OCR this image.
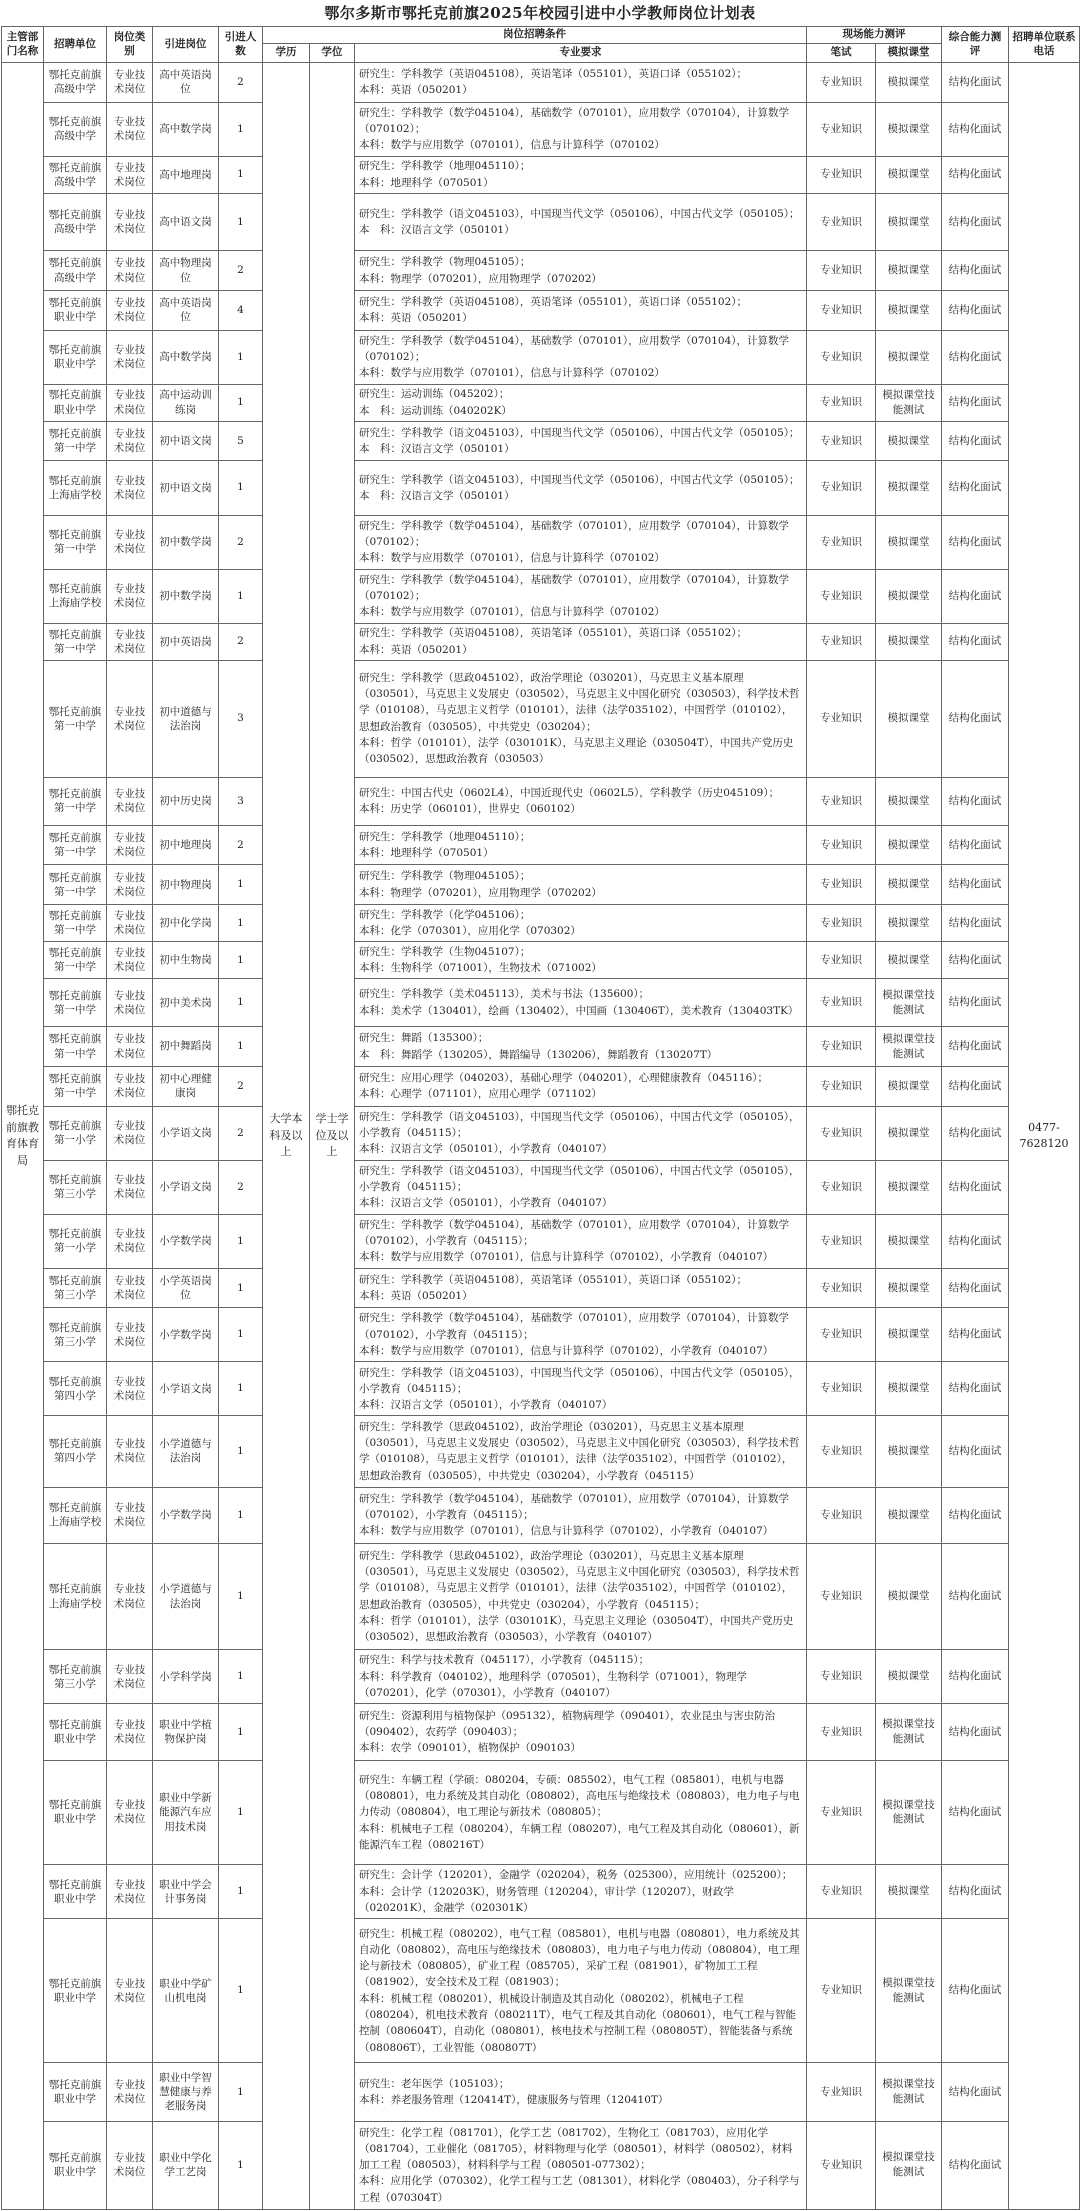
鄂尔多斯市鄂托克前旗2025年校园引进中小学教师岗位计划表
主管部门名称	招聘单位	岗位类别	引进岗位	引进人数	岗位招聘条件			现场能力测评		综合能力测评	招聘单位联系电话
					学历	学位	专业要求	笔试	模拟课堂		
鄂托克前旗教育体育局	鄂托克前旗高级中学	专业技术岗位	高中英语岗位	2	大学本科及以上	学士学位及以上	研究生：学科教学（英语045108），英语笔译（055101），英语口译（055102）；
本科：英语（050201）	专业知识	模拟课堂	结构化面试	0477-7628120
	鄂托克前旗高级中学	专业技术岗位	高中数学岗	1			研究生：学科教学（数学045104），基础数学（070101），应用数学（070104），计算数学（070102）；
本科：数学与应用数学（070101），信息与计算科学（070102）	专业知识	模拟课堂	结构化面试	
	鄂托克前旗高级中学	专业技术岗位	高中地理岗	1			研究生：学科教学（地理045110）；
本科：地理科学（070501）	专业知识	模拟课堂	结构化面试	
	鄂托克前旗高级中学	专业技术岗位	高中语文岗	1			研究生：学科教学（语文045103），中国现当代文学（050106），中国古代文学（050105）；
本　科：汉语言文学（050101）	专业知识	模拟课堂	结构化面试	
	鄂托克前旗高级中学	专业技术岗位	高中物理岗位	2			研究生：学科教学（物理045105）；
本科：物理学（070201），应用物理学（070202）	专业知识	模拟课堂	结构化面试	
	鄂托克前旗职业中学	专业技术岗位	高中英语岗位	4			研究生：学科教学（英语045108），英语笔译（055101），英语口译（055102）；
本科：英语（050201）	专业知识	模拟课堂	结构化面试	
	鄂托克前旗职业中学	专业技术岗位	高中数学岗	1			研究生：学科教学（数学045104），基础数学（070101），应用数学（070104），计算数学（070102）；
本科：数学与应用数学（070101），信息与计算科学（070102）	专业知识	模拟课堂	结构化面试	
	鄂托克前旗职业中学	专业技术岗位	高中运动训练岗	1			研究生：运动训练（045202）；
本　科：运动训练（040202K）	专业知识	模拟课堂技能测试	结构化面试	
	鄂托克前旗第一中学	专业技术岗位	初中语文岗	5			研究生：学科教学（语文045103），中国现当代文学（050106），中国古代文学（050105）；
本　科：汉语言文学（050101）	专业知识	模拟课堂	结构化面试	
	鄂托克前旗上海庙学校	专业技术岗位	初中语文岗	1			研究生：学科教学（语文045103），中国现当代文学（050106），中国古代文学（050105）；
本　科：汉语言文学（050101）	专业知识	模拟课堂	结构化面试	
	鄂托克前旗第一中学	专业技术岗位	初中数学岗	2			研究生：学科教学（数学045104），基础数学（070101），应用数学（070104），计算数学（070102）；
本科：数学与应用数学（070101），信息与计算科学（070102）	专业知识	模拟课堂	结构化面试	
	鄂托克前旗上海庙学校	专业技术岗位	初中数学岗	1			研究生：学科教学（数学045104），基础数学（070101），应用数学（070104），计算数学（070102）；
本科：数学与应用数学（070101），信息与计算科学（070102）	专业知识	模拟课堂	结构化面试	
	鄂托克前旗第一中学	专业技术岗位	初中英语岗	2			研究生：学科教学（英语045108），英语笔译（055101），英语口译（055102）；
本科：英语（050201）	专业知识	模拟课堂	结构化面试	
	鄂托克前旗第一中学	专业技术岗位	初中道德与法治岗	3			研究生：学科教学（思政045102），政治学理论（030201），马克思主义基本原理（030501），马克思主义发展史（030502），马克思主义中国化研究（030503），科学技术哲学（010108），马克思主义哲学（010101），法律（法学035102），中国哲学（010102），思想政治教育（030505），中共党史（030204）；
本科：哲学（010101），法学（030101K），马克思主义理论（030504T），中国共产党历史（030502），思想政治教育（030503）	专业知识	模拟课堂	结构化面试	
	鄂托克前旗第一中学	专业技术岗位	初中历史岗	3			研究生：中国古代史（0602L4），中国近现代史（0602L5），学科教学（历史045109）；
本科：历史学（060101），世界史（060102）	专业知识	模拟课堂	结构化面试	
	鄂托克前旗第一中学	专业技术岗位	初中地理岗	2			研究生：学科教学（地理045110）；
本科：地理科学（070501）	专业知识	模拟课堂	结构化面试	
	鄂托克前旗第一中学	专业技术岗位	初中物理岗	1			研究生：学科教学（物理045105）；
本科：物理学（070201），应用物理学（070202）	专业知识	模拟课堂	结构化面试	
	鄂托克前旗第一中学	专业技术岗位	初中化学岗	1			研究生：学科教学（化学045106）；
本科：化学（070301），应用化学（070302）	专业知识	模拟课堂	结构化面试	
	鄂托克前旗第一中学	专业技术岗位	初中生物岗	1			研究生：学科教学（生物045107）；
本科：生物科学（071001），生物技术（071002）	专业知识	模拟课堂	结构化面试	
	鄂托克前旗第一中学	专业技术岗位	初中美术岗	1			研究生：学科教学（美术045113），美术与书法（135600）；
本科：美术学（130401），绘画（130402），中国画（130406T），美术教育（130403TK）	专业知识	模拟课堂技能测试	结构化面试	
	鄂托克前旗第一中学	专业技术岗位	初中舞蹈岗	1			研究生：舞蹈（135300）；
本　科：舞蹈学（130205），舞蹈编导（130206），舞蹈教育（130207T）	专业知识	模拟课堂技能测试	结构化面试	
	鄂托克前旗第一中学	专业技术岗位	初中心理健康岗	2			研究生：应用心理学（040203），基础心理学（040201），心理健康教育（045116）；
本科：心理学（071101），应用心理学（071102）	专业知识	模拟课堂	结构化面试	
	鄂托克前旗第一小学	专业技术岗位	小学语文岗	2			研究生：学科教学（语文045103），中国现当代文学（050106），中国古代文学（050105），小学教育（045115）；
本科：汉语言文学（050101），小学教育（040107）	专业知识	模拟课堂	结构化面试	
	鄂托克前旗第三小学	专业技术岗位	小学语文岗	2			研究生：学科教学（语文045103），中国现当代文学（050106），中国古代文学（050105），小学教育（045115）；
本科：汉语言文学（050101），小学教育（040107）	专业知识	模拟课堂	结构化面试	
	鄂托克前旗第一小学	专业技术岗位	小学数学岗	1			研究生：学科教学（数学045104），基础数学（070101），应用数学（070104），计算数学（070102），小学教育（045115）；
本科：数学与应用数学（070101），信息与计算科学（070102），小学教育（040107）	专业知识	模拟课堂	结构化面试	
	鄂托克前旗第三小学	专业技术岗位	小学英语岗位	1			研究生：学科教学（英语045108），英语笔译（055101），英语口译（055102）；
本科：英语（050201）	专业知识	模拟课堂	结构化面试	
	鄂托克前旗第三小学	专业技术岗位	小学数学岗	1			研究生：学科教学（数学045104），基础数学（070101），应用数学（070104），计算数学（070102），小学教育（045115）；
本科：数学与应用数学（070101），信息与计算科学（070102），小学教育（040107）	专业知识	模拟课堂	结构化面试	
	鄂托克前旗第四小学	专业技术岗位	小学语文岗	1			研究生：学科教学（语文045103），中国现当代文学（050106），中国古代文学（050105），小学教育（045115）；
本科：汉语言文学（050101），小学教育（040107）	专业知识	模拟课堂	结构化面试	
	鄂托克前旗第四小学	专业技术岗位	小学道德与法治岗	1			研究生：学科教学（思政045102），政治学理论（030201），马克思主义基本原理（030501），马克思主义发展史（030502），马克思主义中国化研究（030503），科学技术哲学（010108），马克思主义哲学（010101），法律（法学035102），中国哲学（010102），思想政治教育（030505），中共党史（030204），小学教育（045115）	专业知识	模拟课堂	结构化面试	
	鄂托克前旗上海庙学校	专业技术岗位	小学数学岗	1			研究生：学科教学（数学045104），基础数学（070101），应用数学（070104），计算数学（070102），小学教育（045115）；
本科：数学与应用数学（070101），信息与计算科学（070102），小学教育（040107）	专业知识	模拟课堂	结构化面试	
	鄂托克前旗上海庙学校	专业技术岗位	小学道德与法治岗	1			研究生：学科教学（思政045102），政治学理论（030201），马克思主义基本原理（030501），马克思主义发展史（030502），马克思主义中国化研究（030503），科学技术哲学（010108），马克思主义哲学（010101），法律（法学035102），中国哲学（010102），思想政治教育（030505），中共党史（030204），小学教育（045115）；
本科：哲学（010101），法学（030101K），马克思主义理论（030504T），中国共产党历史（030502），思想政治教育（030503），小学教育（040107）	专业知识	模拟课堂	结构化面试	
	鄂托克前旗第三小学	专业技术岗位	小学科学岗	1			研究生：科学与技术教育（045117），小学教育（045115）；
本科：科学教育（040102），地理科学（070501），生物科学（071001），物理学（070201），化学（070301），小学教育（040107）	专业知识	模拟课堂	结构化面试	
	鄂托克前旗职业中学	专业技术岗位	职业中学植物保护岗	1			研究生：资源利用与植物保护（095132），植物病理学（090401），农业昆虫与害虫防治（090402），农药学（090403）；
本科：农学（090101），植物保护（090103）	专业知识	模拟课堂技能测试	结构化面试	
	鄂托克前旗职业中学	专业技术岗位	职业中学新能源汽车应用技术岗	1			研究生：车辆工程（学硕：080204，专硕：085502），电气工程（085801），电机与电器（080801），电力系统及其自动化（080802），高电压与绝缘技术（080803），电力电子与电力传动（080804），电工理论与新技术（080805）；
本科：机械电子工程（080204），车辆工程（080207），电气工程及其自动化（080601），新能源汽车工程（080216T）	专业知识	模拟课堂技能测试	结构化面试	
	鄂托克前旗职业中学	专业技术岗位	职业中学会计事务岗	1			研究生：会计学（120201），金融学（020204），税务（025300），应用统计（025200）；
本科：会计学（120203K），财务管理（120204），审计学（120207），财政学（020201K），金融学（020301K）	专业知识	模拟课堂	结构化面试	
	鄂托克前旗职业中学	专业技术岗位	职业中学矿山机电岗	1			研究生：机械工程（080202），电气工程（085801），电机与电器（080801），电力系统及其自动化（080802），高电压与绝缘技术（080803），电力电子与电力传动（080804），电工理论与新技术（080805），矿业工程（085705），采矿工程（081901），矿物加工工程（081902），安全技术及工程（081903）；
本科：机械工程（080201），机械设计制造及其自动化（080202），机械电子工程（080204），机电技术教育（080211T），电气工程及其自动化（080601），电气工程与智能控制（080604T），自动化（080801），核电技术与控制工程（080805T），智能装备与系统（080806T），工业智能（080807T）	专业知识	模拟课堂技能测试	结构化面试	
	鄂托克前旗职业中学	专业技术岗位	职业中学智慧健康与养老服务岗	1			研究生：老年医学（105103）；
本科：养老服务管理（120414T），健康服务与管理（120410T）	专业知识	模拟课堂技能测试	结构化面试	
	鄂托克前旗职业中学	专业技术岗位	职业中学化学工艺岗	1			研究生：化学工程（081701），化学工艺（081702），生物化工（081703），应用化学（081704），工业催化（081705），材料物理与化学（080501），材料学（080502），材料加工工程（080503），材料科学与工程（080501-077302）；
本科：应用化学（070302），化学工程与工艺（081301），材料化学（080403），分子科学与工程（070304T）	专业知识	模拟课堂技能测试	结构化面试	
